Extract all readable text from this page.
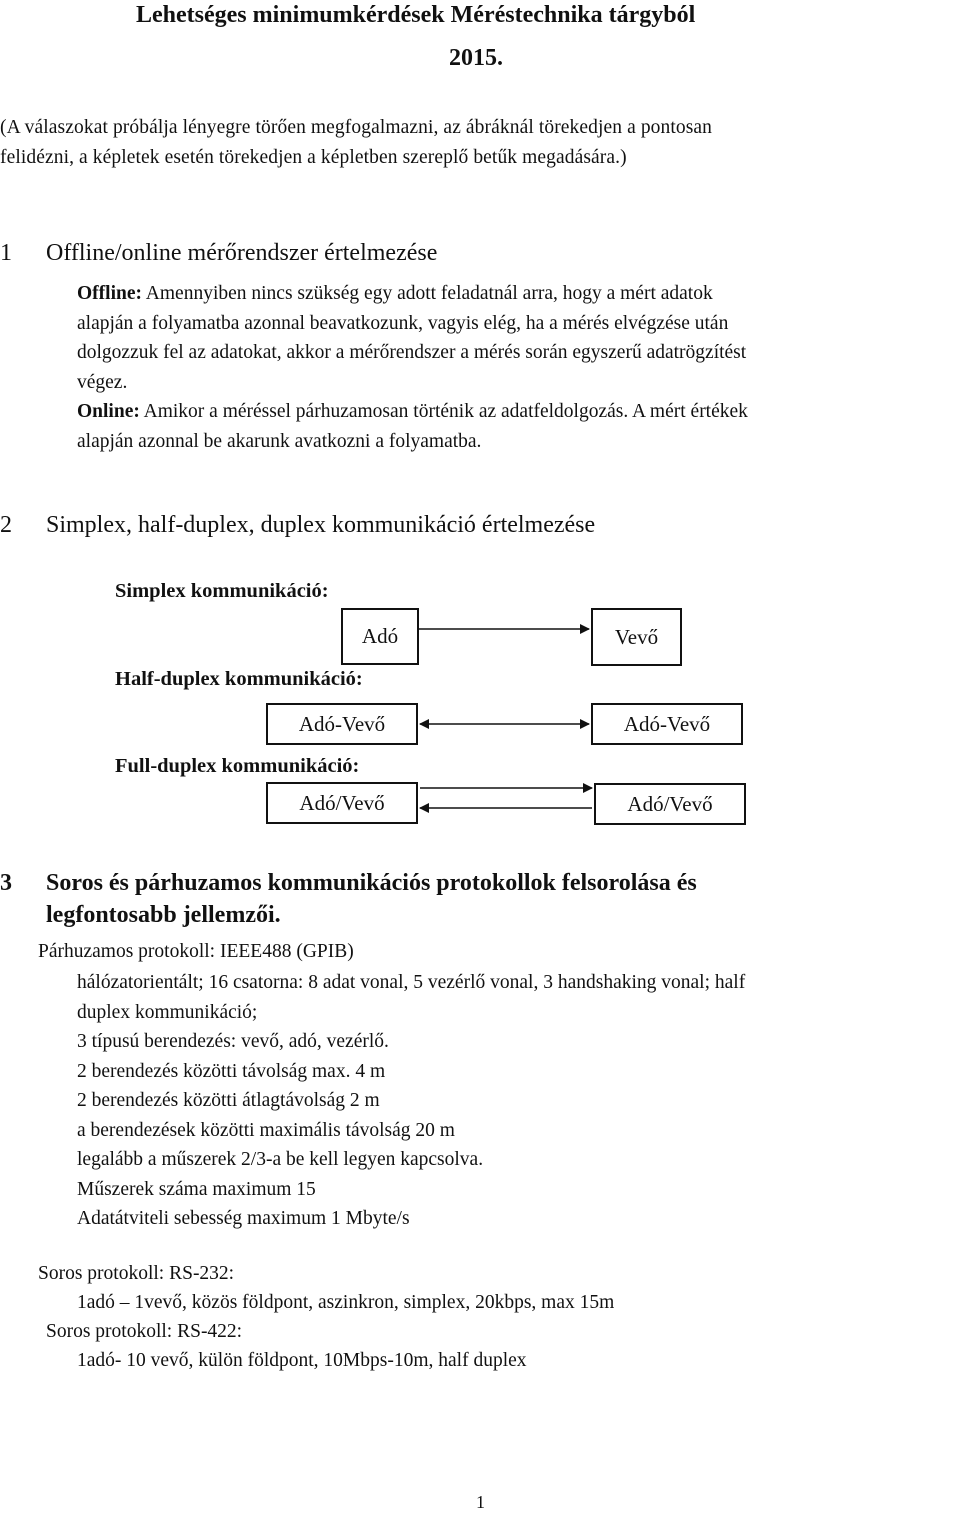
Lehetséges minimumkérdések Méréstechnika tárgyból
2015.
(A válaszokat próbálja lényegre törően megfogalmazni, az ábráknál törekedjen a pontosan
felidézni, a képletek esetén törekedjen a képletben szereplő betűk megadására.)
1 Offline/online mérőrendszer értelmezése
Offline: Amennyiben nincs szükség egy adott feladatnál arra, hogy a mért adatok
alapján a folyamatba azonnal beavatkozunk, vagyis elég, ha a mérés elvégzése után
dolgozzuk fel az adatokat, akkor a mérőrendszer a mérés során egyszerű adatrögzítést
végez.
Online: Amikor a méréssel párhuzamosan történik az adatfeldolgozás. A mért értékek
alapján azonnal be akarunk avatkozni a folyamatba.
2 Simplex, half-duplex, duplex kommunikáció értelmezése
Simplex kommunikáció:
Adó	Vevő
Half-duplex kommunikáció:
Adó-Vevő	Adó-Vevő
Full-duplex kommunikáció:
Adó/Vevő	Adó/Vevő
3 Soros és párhuzamos kommunikációs protokollok felsorolása és
legfontosabb jellemzői.
Párhuzamos protokoll: IEEE488 (GPIB)
hálózatorientált; 16 csatorna: 8 adat vonal, 5 vezérlő vonal, 3 handshaking vonal; half
duplex kommunikáció;
3 típusú berendezés: vevő, adó, vezérlő.
2 berendezés közötti távolság max. 4 m
2 berendezés közötti átlagtávolság 2 m
a berendezések közötti maximális távolság 20 m
legalább a műszerek 2/3-a be kell legyen kapcsolva.
Műszerek száma maximum 15
Adatátviteli sebesség maximum 1 Mbyte/s
Soros protokoll: RS-232:
1adó – 1vevő, közös földpont, aszinkron, simplex, 20kbps, max 15m
Soros protokoll: RS-422:
1adó- 10 vevő, külön földpont, 10Mbps-10m, half duplex
1
